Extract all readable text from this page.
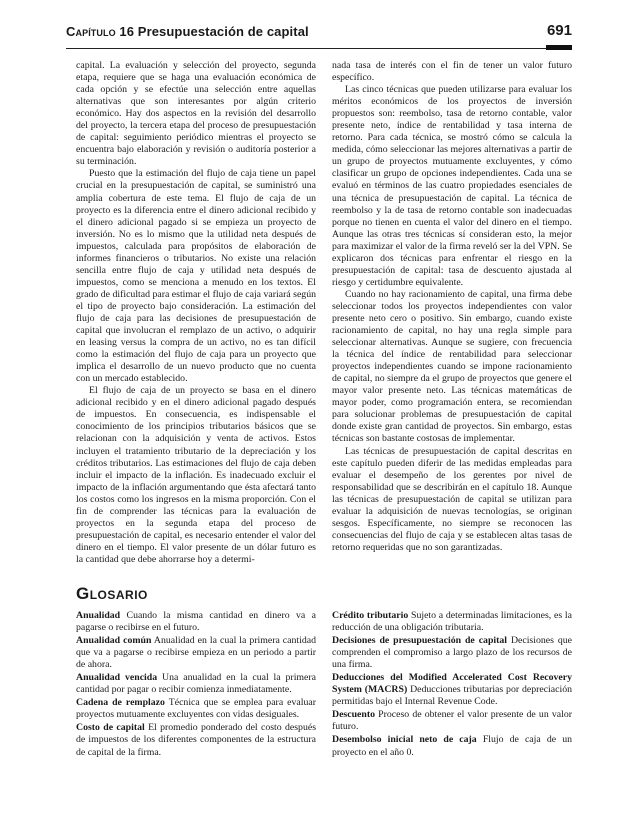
Capítulo 16 Presupuestación de capital	691

capital. La evaluación y selección del proyecto, segunda etapa, requiere que se haga una evaluación económica de cada opción y se efectúe una selección entre aquellas alternativas que son interesantes por algún criterio económico. Hay dos aspectos en la revisión del desarrollo del proyecto, la tercera etapa del proceso de presupuestación de capital: seguimiento periódico mientras el proyecto se encuentra bajo elaboración y revisión o auditoría posterior a su terminación.

Puesto que la estimación del flujo de caja tiene un papel crucial en la presupuestación de capital, se suministró una amplia cobertura de este tema. El flujo de caja de un proyecto es la diferencia entre el dinero adicional recibido y el dinero adicional pagado si se empieza un proyecto de inversión. No es lo mismo que la utilidad neta después de impuestos, calculada para propósitos de elaboración de informes financieros o tributarios. No existe una relación sencilla entre flujo de caja y utilidad neta después de impuestos, como se menciona a menudo en los textos. El grado de dificultad para estimar el flujo de caja variará según el tipo de proyecto bajo consideración. La estimación del flujo de caja para las decisiones de presupuestación de capital que involucran el remplazo de un activo, o adquirir en leasing versus la compra de un activo, no es tan difícil como la estimación del flujo de caja para un proyecto que implica el desarrollo de un nuevo producto que no cuenta con un mercado establecido.

El flujo de caja de un proyecto se basa en el dinero adicional recibido y en el dinero adicional pagado después de impuestos. En consecuencia, es indispensable el conocimiento de los principios tributarios básicos que se relacionan con la adquisición y venta de activos. Estos incluyen el tratamiento tributario de la depreciación y los créditos tributarios. Las estimaciones del flujo de caja deben incluir el impacto de la inflación. Es inadecuado excluir el impacto de la inflación argumentando que ésta afectará tanto los costos como los ingresos en la misma proporción. Con el fin de comprender las técnicas para la evaluación de proyectos en la segunda etapa del proceso de presupuestación de capital, es necesario entender el valor del dinero en el tiempo. El valor presente de un dólar futuro es la cantidad que debe ahorrarse hoy a determi-

nada tasa de interés con el fin de tener un valor futuro específico.

Las cinco técnicas que pueden utilizarse para evaluar los méritos económicos de los proyectos de inversión propuestos son: reembolso, tasa de retorno contable, valor presente neto, índice de rentabilidad y tasa interna de retorno. Para cada técnica, se mostró cómo se calcula la medida, cómo seleccionar las mejores alternativas a partir de un grupo de proyectos mutuamente excluyentes, y cómo clasificar un grupo de opciones independientes. Cada una se evaluó en términos de las cuatro propiedades esenciales de una técnica de presupuestación de capital. La técnica de reembolso y la de tasa de retorno contable son inadecuadas porque no tienen en cuenta el valor del dinero en el tiempo. Aunque las otras tres técnicas sí consideran esto, la mejor para maximizar el valor de la firma reveló ser la del VPN. Se explicaron dos técnicas para enfrentar el riesgo en la presupuestación de capital: tasa de descuento ajustada al riesgo y certidumbre equivalente.

Cuando no hay racionamiento de capital, una firma debe seleccionar todos los proyectos independientes con valor presente neto cero o positivo. Sin embargo, cuando existe racionamiento de capital, no hay una regla simple para seleccionar alternativas. Aunque se sugiere, con frecuencia la técnica del índice de rentabilidad para seleccionar proyectos independientes cuando se impone racionamiento de capital, no siempre da el grupo de proyectos que genere el mayor valor presente neto. Las técnicas matemáticas de mayor poder, como programación entera, se recomiendan para solucionar problemas de presupuestación de capital donde existe gran cantidad de proyectos. Sin embargo, estas técnicas son bastante costosas de implementar.

Las técnicas de presupuestación de capital descritas en este capítulo pueden diferir de las medidas empleadas para evaluar el desempeño de los gerentes por nivel de responsabilidad que se describirán en el capítulo 18. Aunque las técnicas de presupuestación de capital se utilizan para evaluar la adquisición de nuevas tecnologías, se originan sesgos. Específicamente, no siempre se reconocen las consecuencias del flujo de caja y se establecen altas tasas de retorno requeridas que no son garantizadas.

Glosario

Anualidad Cuando la misma cantidad en dinero va a pagarse o recibirse en el futuro.

Anualidad común Anualidad en la cual la primera cantidad que va a pagarse o recibirse empieza en un periodo a partir de ahora.

Anualidad vencida Una anualidad en la cual la primera cantidad por pagar o recibir comienza inmediatamente.

Cadena de remplazo Técnica que se emplea para evaluar proyectos mutuamente excluyentes con vidas desiguales.

Costo de capital El promedio ponderado del costo después de impuestos de los diferentes componentes de la estructura de capital de la firma.

Crédito tributario Sujeto a determinadas limitaciones, es la reducción de una obligación tributaria.

Decisiones de presupuestación de capital Decisiones que comprenden el compromiso a largo plazo de los recursos de una firma.

Deducciones del Modified Accelerated Cost Recovery System (MACRS) Deducciones tributarias por depreciación permitidas bajo el Internal Revenue Code.

Descuento Proceso de obtener el valor presente de un valor futuro.

Desembolso inicial neto de caja Flujo de caja de un proyecto en el año 0.
